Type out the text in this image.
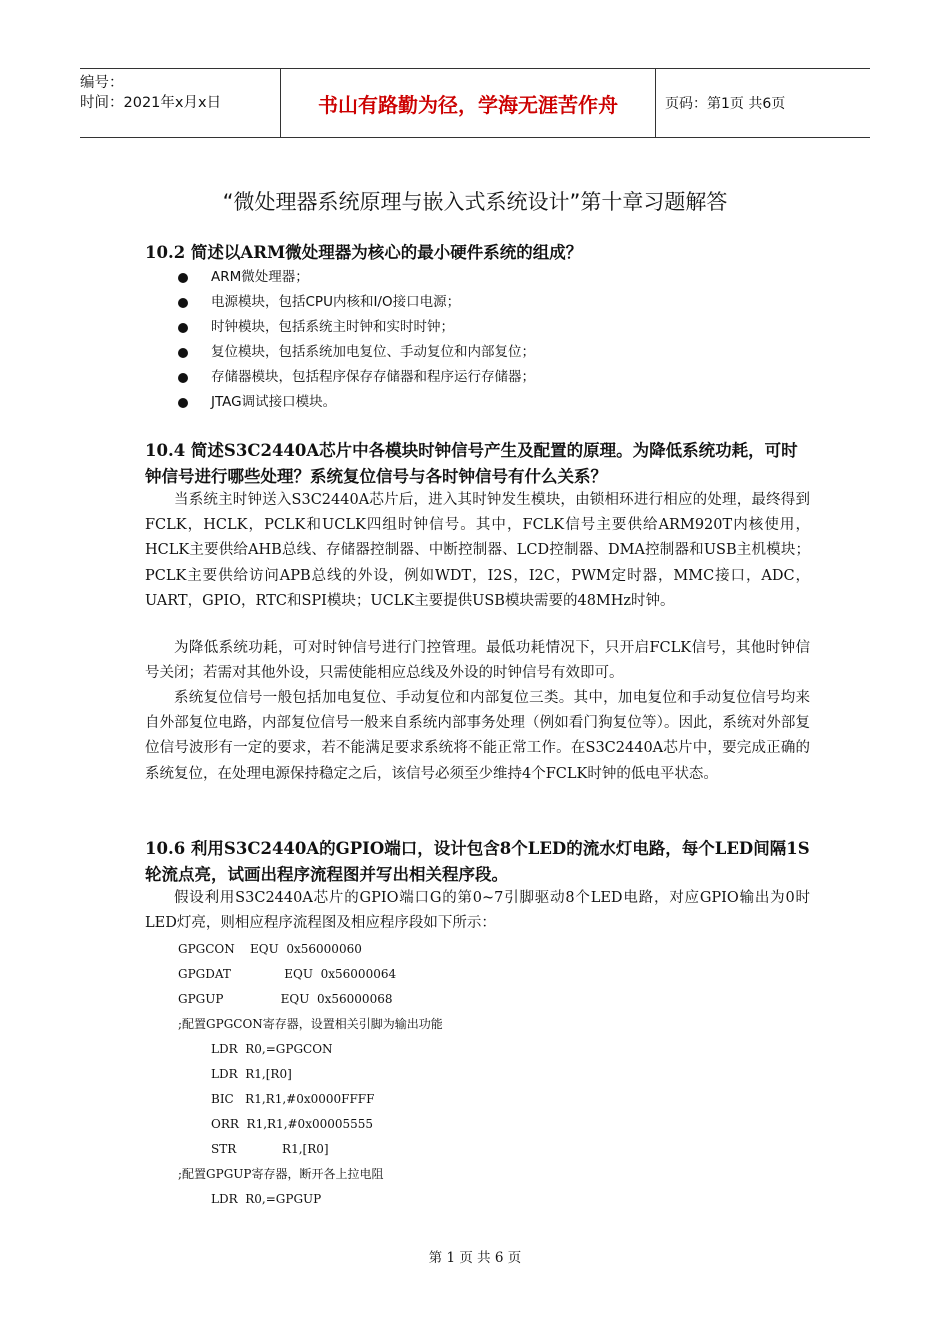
编号：
时间：2021年x月x日	书山有路勤为径，学海无涯苦作舟	页码：第1页 共6页
“微处理器系统原理与嵌入式系统设计”第十章习题解答
10.2 简述以ARM微处理器为核心的最小硬件系统的组成？
ARM微处理器；
电源模块，包括CPU内核和I/O接口电源；
时钟模块，包括系统主时钟和实时时钟；
复位模块，包括系统加电复位、手动复位和内部复位；
存储器模块，包括程序保存存储器和程序运行存储器；
JTAG调试接口模块。
10.4 简述S3C2440A芯片中各模块时钟信号产生及配置的原理。为降低系统功耗，可时钟信号进行哪些处理？系统复位信号与各时钟信号有什么关系？
当系统主时钟送入S3C2440A芯片后，进入其时钟发生模块，由锁相环进行相应的处理，最终得到FCLK，HCLK，PCLK和UCLK四组时钟信号。其中，FCLK信号主要供给ARM920T内核使用，HCLK主要供给AHB总线、存储器控制器、中断控制器、LCD控制器、DMA控制器和USB主机模块；PCLK主要供给访问APB总线的外设，例如WDT，I2S，I2C，PWM定时器，MMC接口，ADC，UART，GPIO，RTC和SPI模块；UCLK主要提供USB模块需要的48MHz时钟。
为降低系统功耗，可对时钟信号进行门控管理。最低功耗情况下，只开启FCLK信号，其他时钟信号关闭；若需对其他外设，只需使能相应总线及外设的时钟信号有效即可。
系统复位信号一般包括加电复位、手动复位和内部复位三类。其中，加电复位和手动复位信号均来自外部复位电路，内部复位信号一般来自系统内部事务处理（例如看门狗复位等）。因此，系统对外部复位信号波形有一定的要求，若不能满足要求系统将不能正常工作。在S3C2440A芯片中，要完成正确的系统复位，在处理电源保持稳定之后，该信号必须至少维持4个FCLK时钟的低电平状态。
10.6 利用S3C2440A的GPIO端口，设计包含8个LED的流水灯电路，每个LED间隔1S轮流点亮，试画出程序流程图并写出相关程序段。
假设利用S3C2440A芯片的GPIO端口G的第0~7引脚驱动8个LED电路，对应GPIO输出为0时LED灯亮，则相应程序流程图及相应程序段如下所示：
GPGCON    EQU  0x56000060
GPGDAT              EQU  0x56000064
GPGUP               EQU  0x56000068
;配置GPGCON寄存器，设置相关引脚为输出功能
LDR  R0,=GPGCON
LDR  R1,[R0]
BIC   R1,R1,#0x0000FFFF
ORR  R1,R1,#0x00005555
STR            R1,[R0]
;配置GPGUP寄存器，断开各上拉电阻
LDR  R0,=GPGUP
第 1 页 共 6 页
